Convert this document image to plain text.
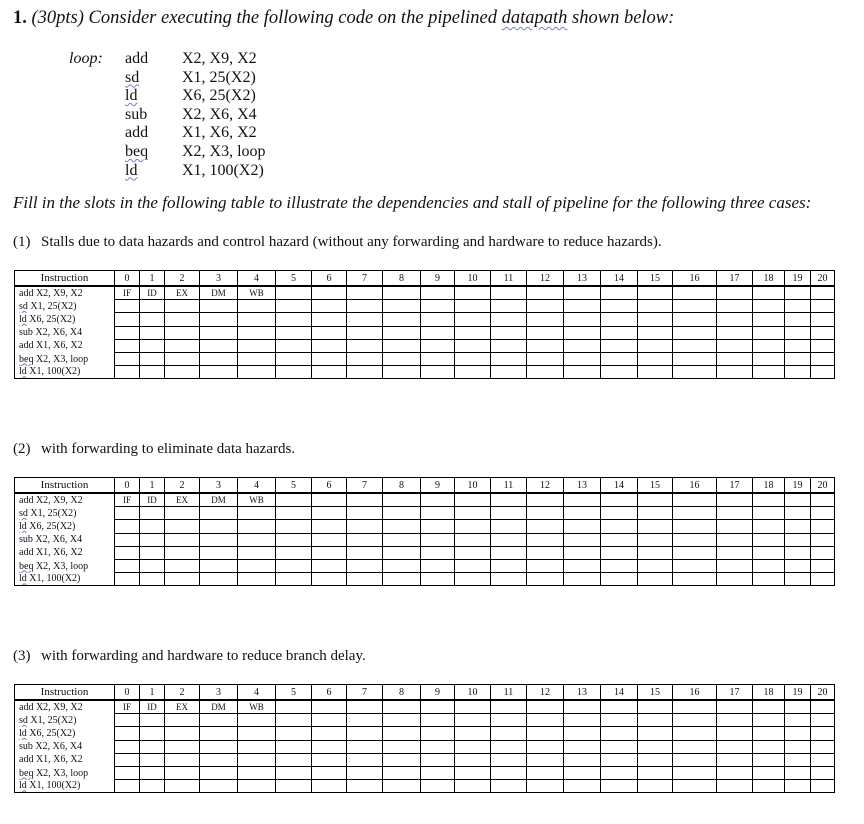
1. (30pts) Consider executing the following code on the pipelined datapath shown below:
loop: add X2, X9, X2
sd	X1, 25(X2)
ld	X6, 25(X2)
sub X2, X6, X4
add X1, X6, X2
beq X2, X3, loop
ld	X1, 100(X2)
Fill in the slots in the following table to illustrate the dependencies and stall of pipeline for the following three cases:
(1) Stalls due to data hazards and control hazard (without any forwarding and hardware to reduce hazards).
Instruction	0	1	2	3	4	5	6	7	8	9	10	11	12	13	14	15	16	17	18	19	20
add X2, X9, X2	IF	ID	EX	DM	WB																
sd X1, 25(X2)																					
ld X6, 25(X2)																					
sub X2, X6, X4																					
add X1, X6, X2																					
beq X2, X3, loop																					
ld X1, 100(X2)																					
(2) with forwarding to eliminate data hazards.
Instruction	0	1	2	3	4	5	6	7	8	9	10	11	12	13	14	15	16	17	18	19	20
add X2, X9, X2	IF	ID	EX	DM	WB																
sd X1, 25(X2)																					
ld X6, 25(X2)																					
sub X2, X6, X4																					
add X1, X6, X2																					
beq X2, X3, loop																					
ld X1, 100(X2)																					
(3) with forwarding and hardware to reduce branch delay.
Instruction	0	1	2	3	4	5	6	7	8	9	10	11	12	13	14	15	16	17	18	19	20
add X2, X9, X2	IF	ID	EX	DM	WB																
sd X1, 25(X2)																					
ld X6, 25(X2)																					
sub X2, X6, X4																					
add X1, X6, X2																					
beq X2, X3, loop																					
ld X1, 100(X2)																					
